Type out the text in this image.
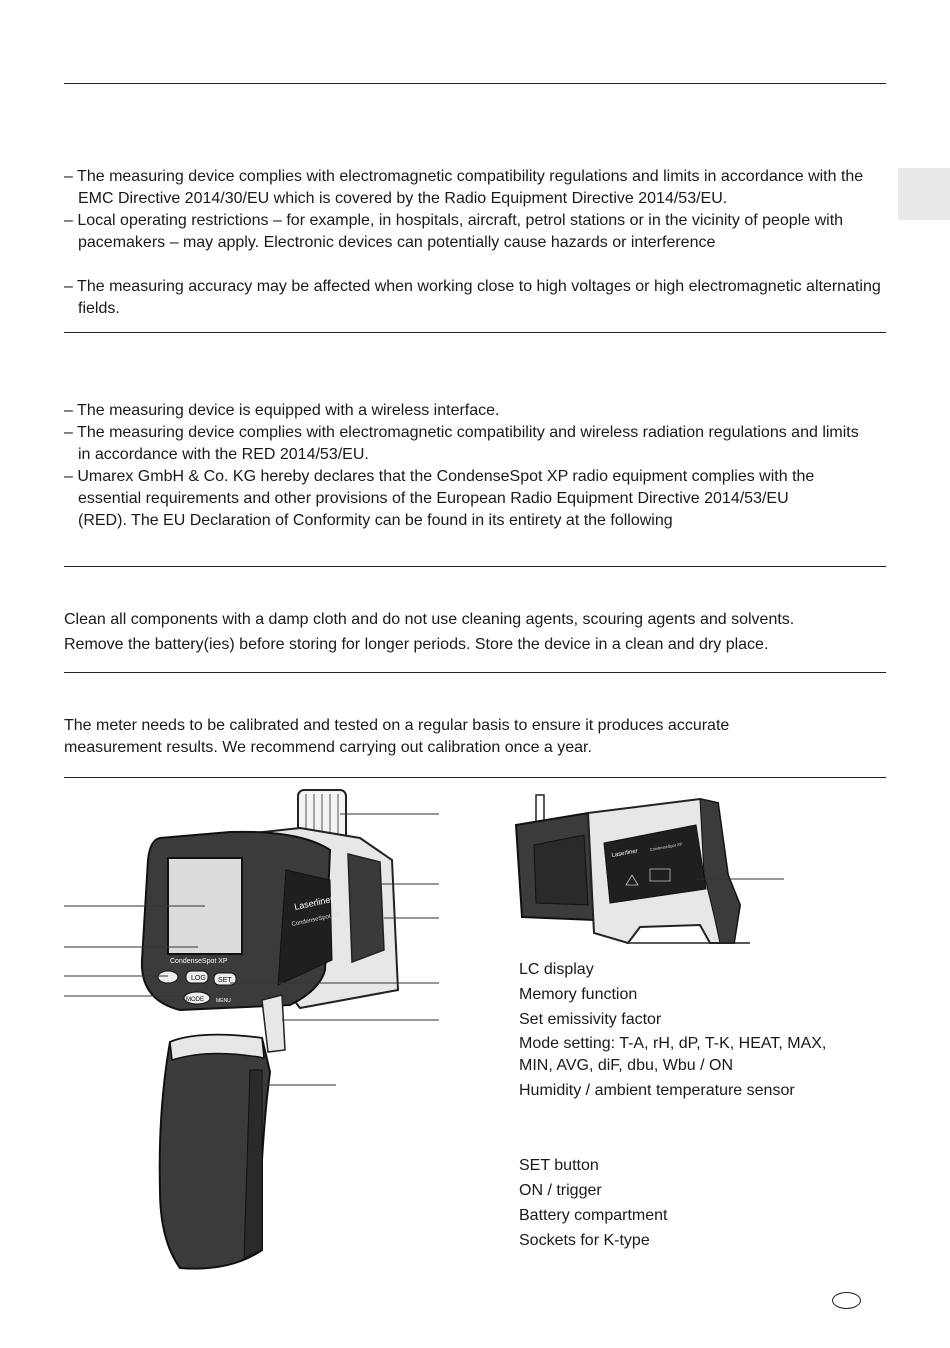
– The measuring device complies with electromagnetic compatibility regulations and limits in accordance with the EMC Directive 2014/30/EU which is covered by the Radio Equipment Directive 2014/53/EU.

– Local operating restrictions – for example, in hospitals, aircraft, petrol stations or in the vicinity of people with pacemakers – may apply. Electronic devices can potentially cause hazards or interference

– The measuring accuracy may be affected when working close to high voltages or high electromagnetic alternating fields.

– The measuring device is equipped with a wireless interface.

– The measuring device complies with electromagnetic compatibility and wireless radiation regulations and limits in accordance with the RED 2014/53/EU.

– Umarex GmbH & Co. KG hereby declares that the CondenseSpot XP radio equipment complies with the essential requirements and other provisions of the European Radio Equipment Directive 2014/53/EU (RED). The EU Declaration of Conformity can be found in its entirety at the following

Clean all components with a damp cloth and do not use cleaning agents, scouring agents and solvents.

Remove the battery(ies) before storing for longer periods. Store the device in a clean and dry place.

The meter needs to be calibrated and tested on a regular basis to ensure it produces accurate measurement results. We recommend carrying out calibration once a year.

Laserliner
CondenseSpot XP
CondenseSpot XP
LOG SET
MODE MENU
Laserliner
CondenseSpot XP
LC display
Memory function
Set emissivity factor
Mode setting: T-A, rH, dP, T-K, HEAT, MAX, MIN, AVG, diF, dbu, Wbu / ON
Humidity / ambient temperature sensor
SET button
ON / trigger
Battery compartment
Sockets for K-type
